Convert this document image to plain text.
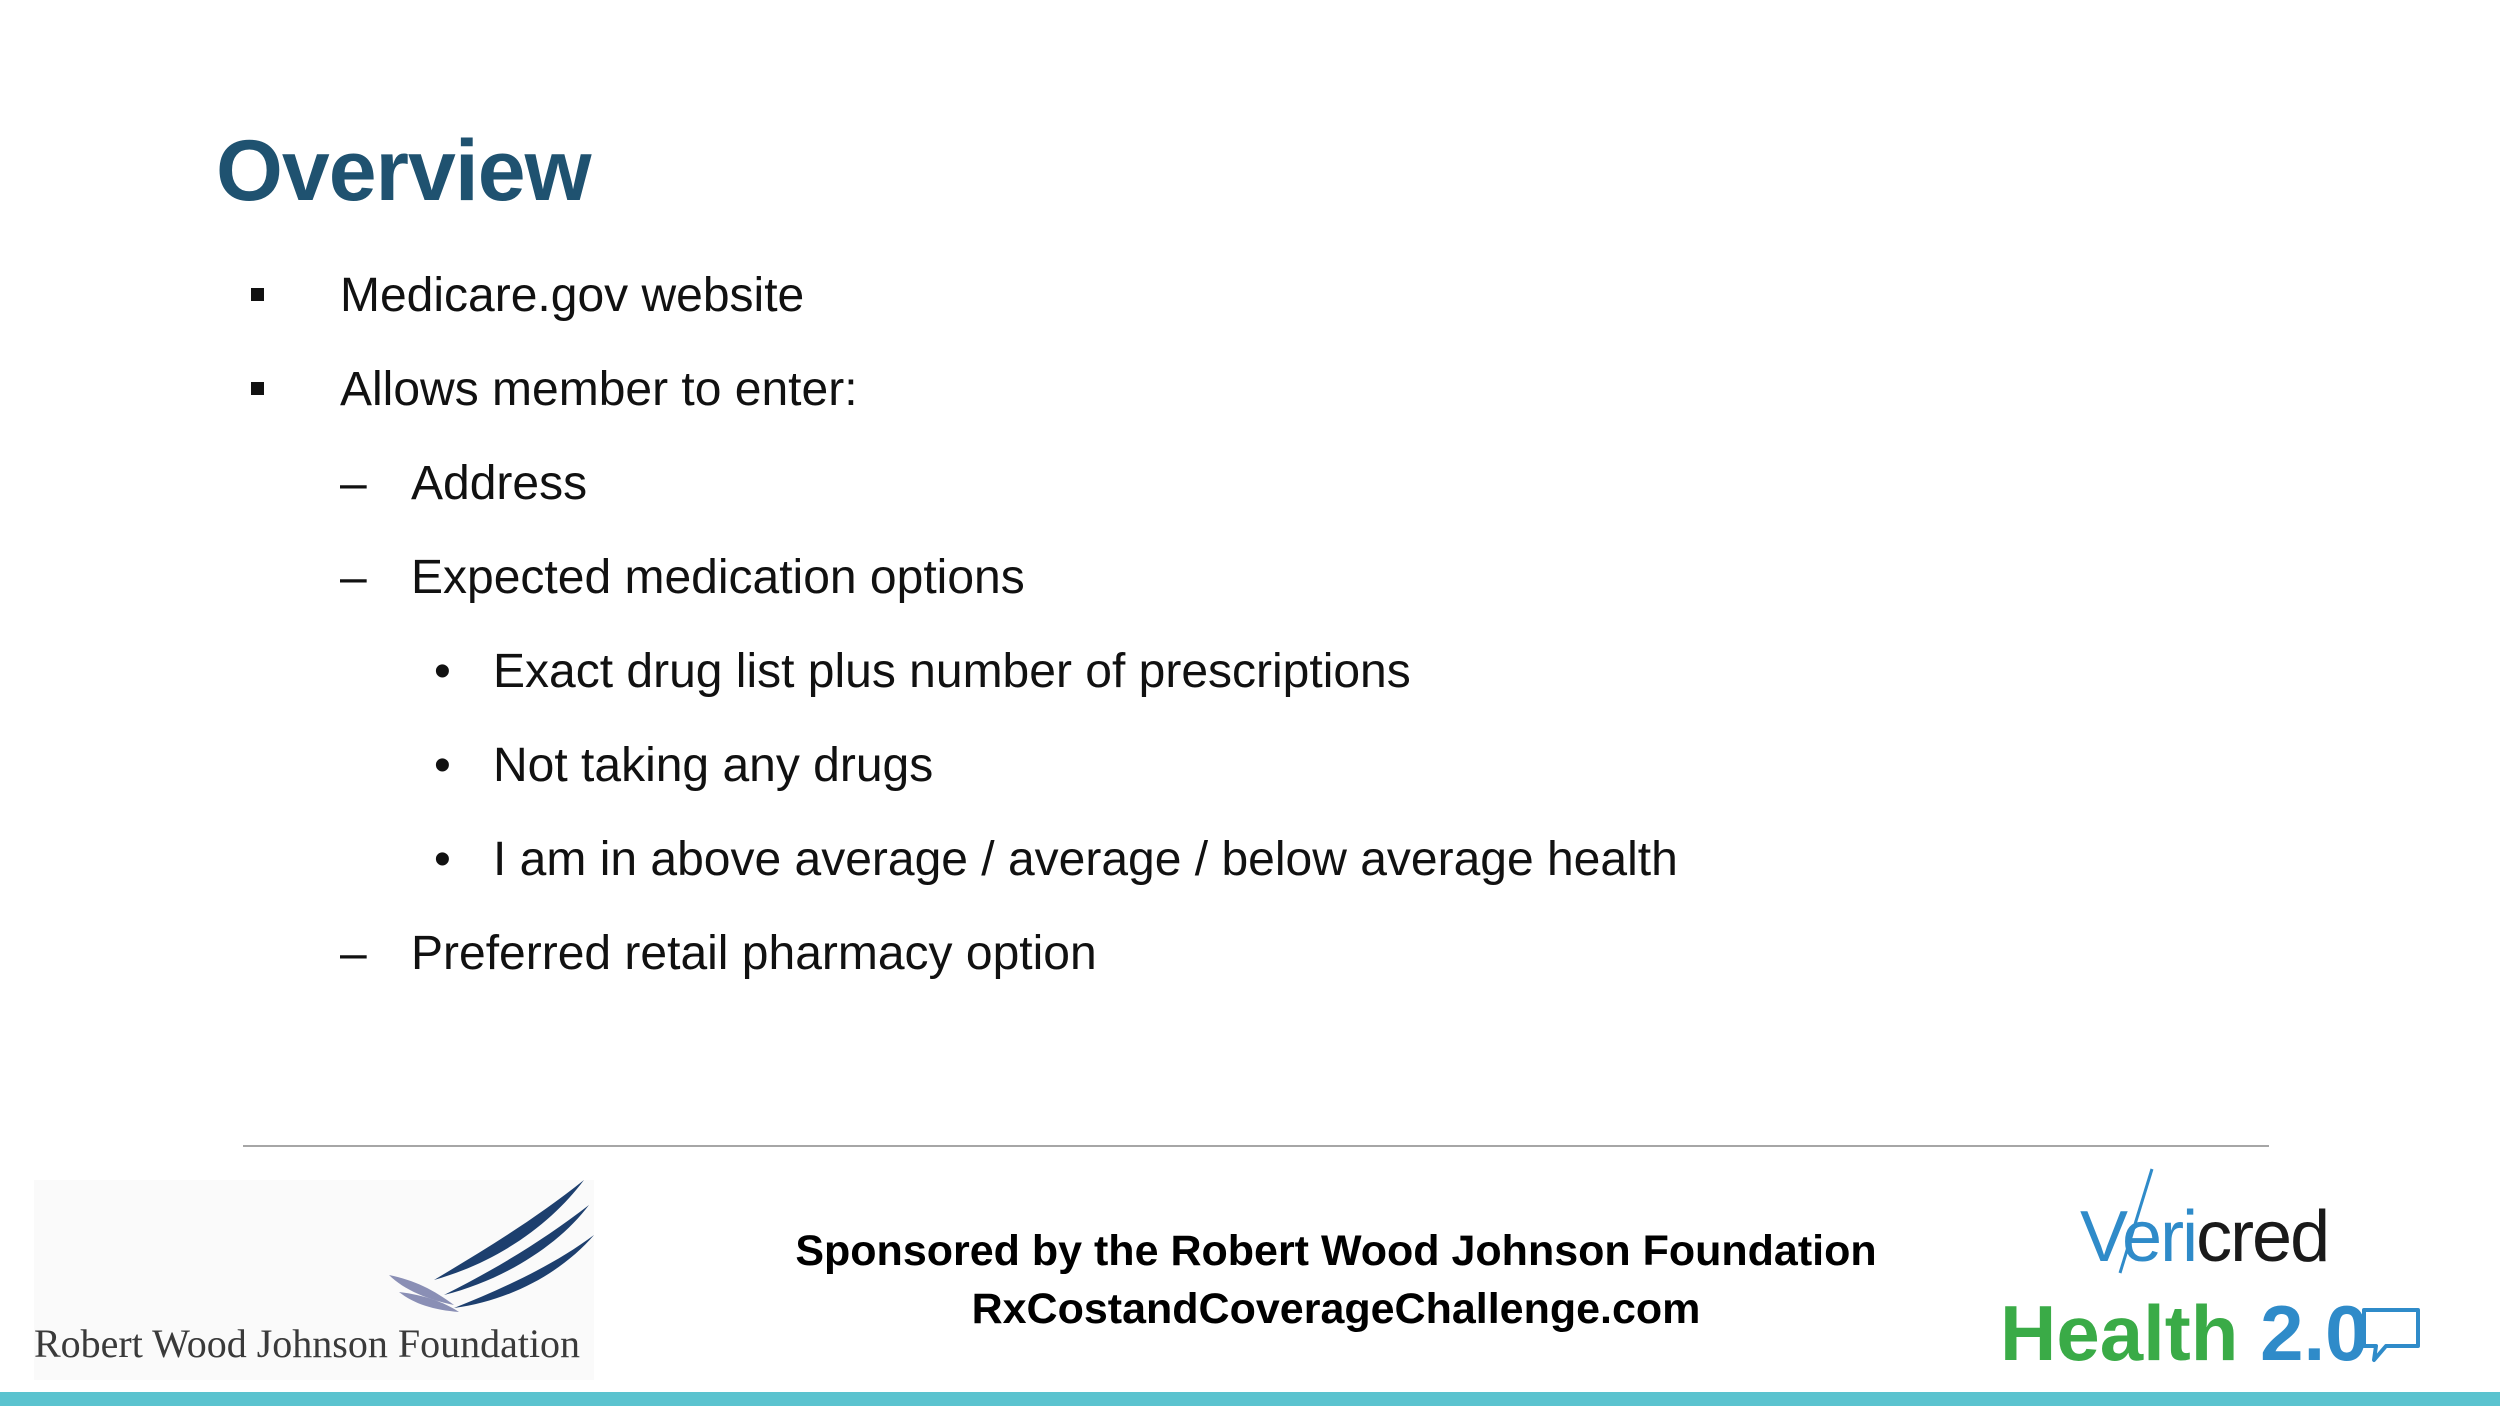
Overview
Medicare.gov website
Allows member to enter:
– Address
– Expected medication options
• Exact drug list plus number of prescriptions
• Not taking any drugs
• I am in above average / average / below average health
– Preferred retail pharmacy option
Robert Wood Johnson Foundation
Sponsored by the Robert Wood Johnson Foundation
RxCostandCoverageChallenge.com
Vericred
Health 2.0
